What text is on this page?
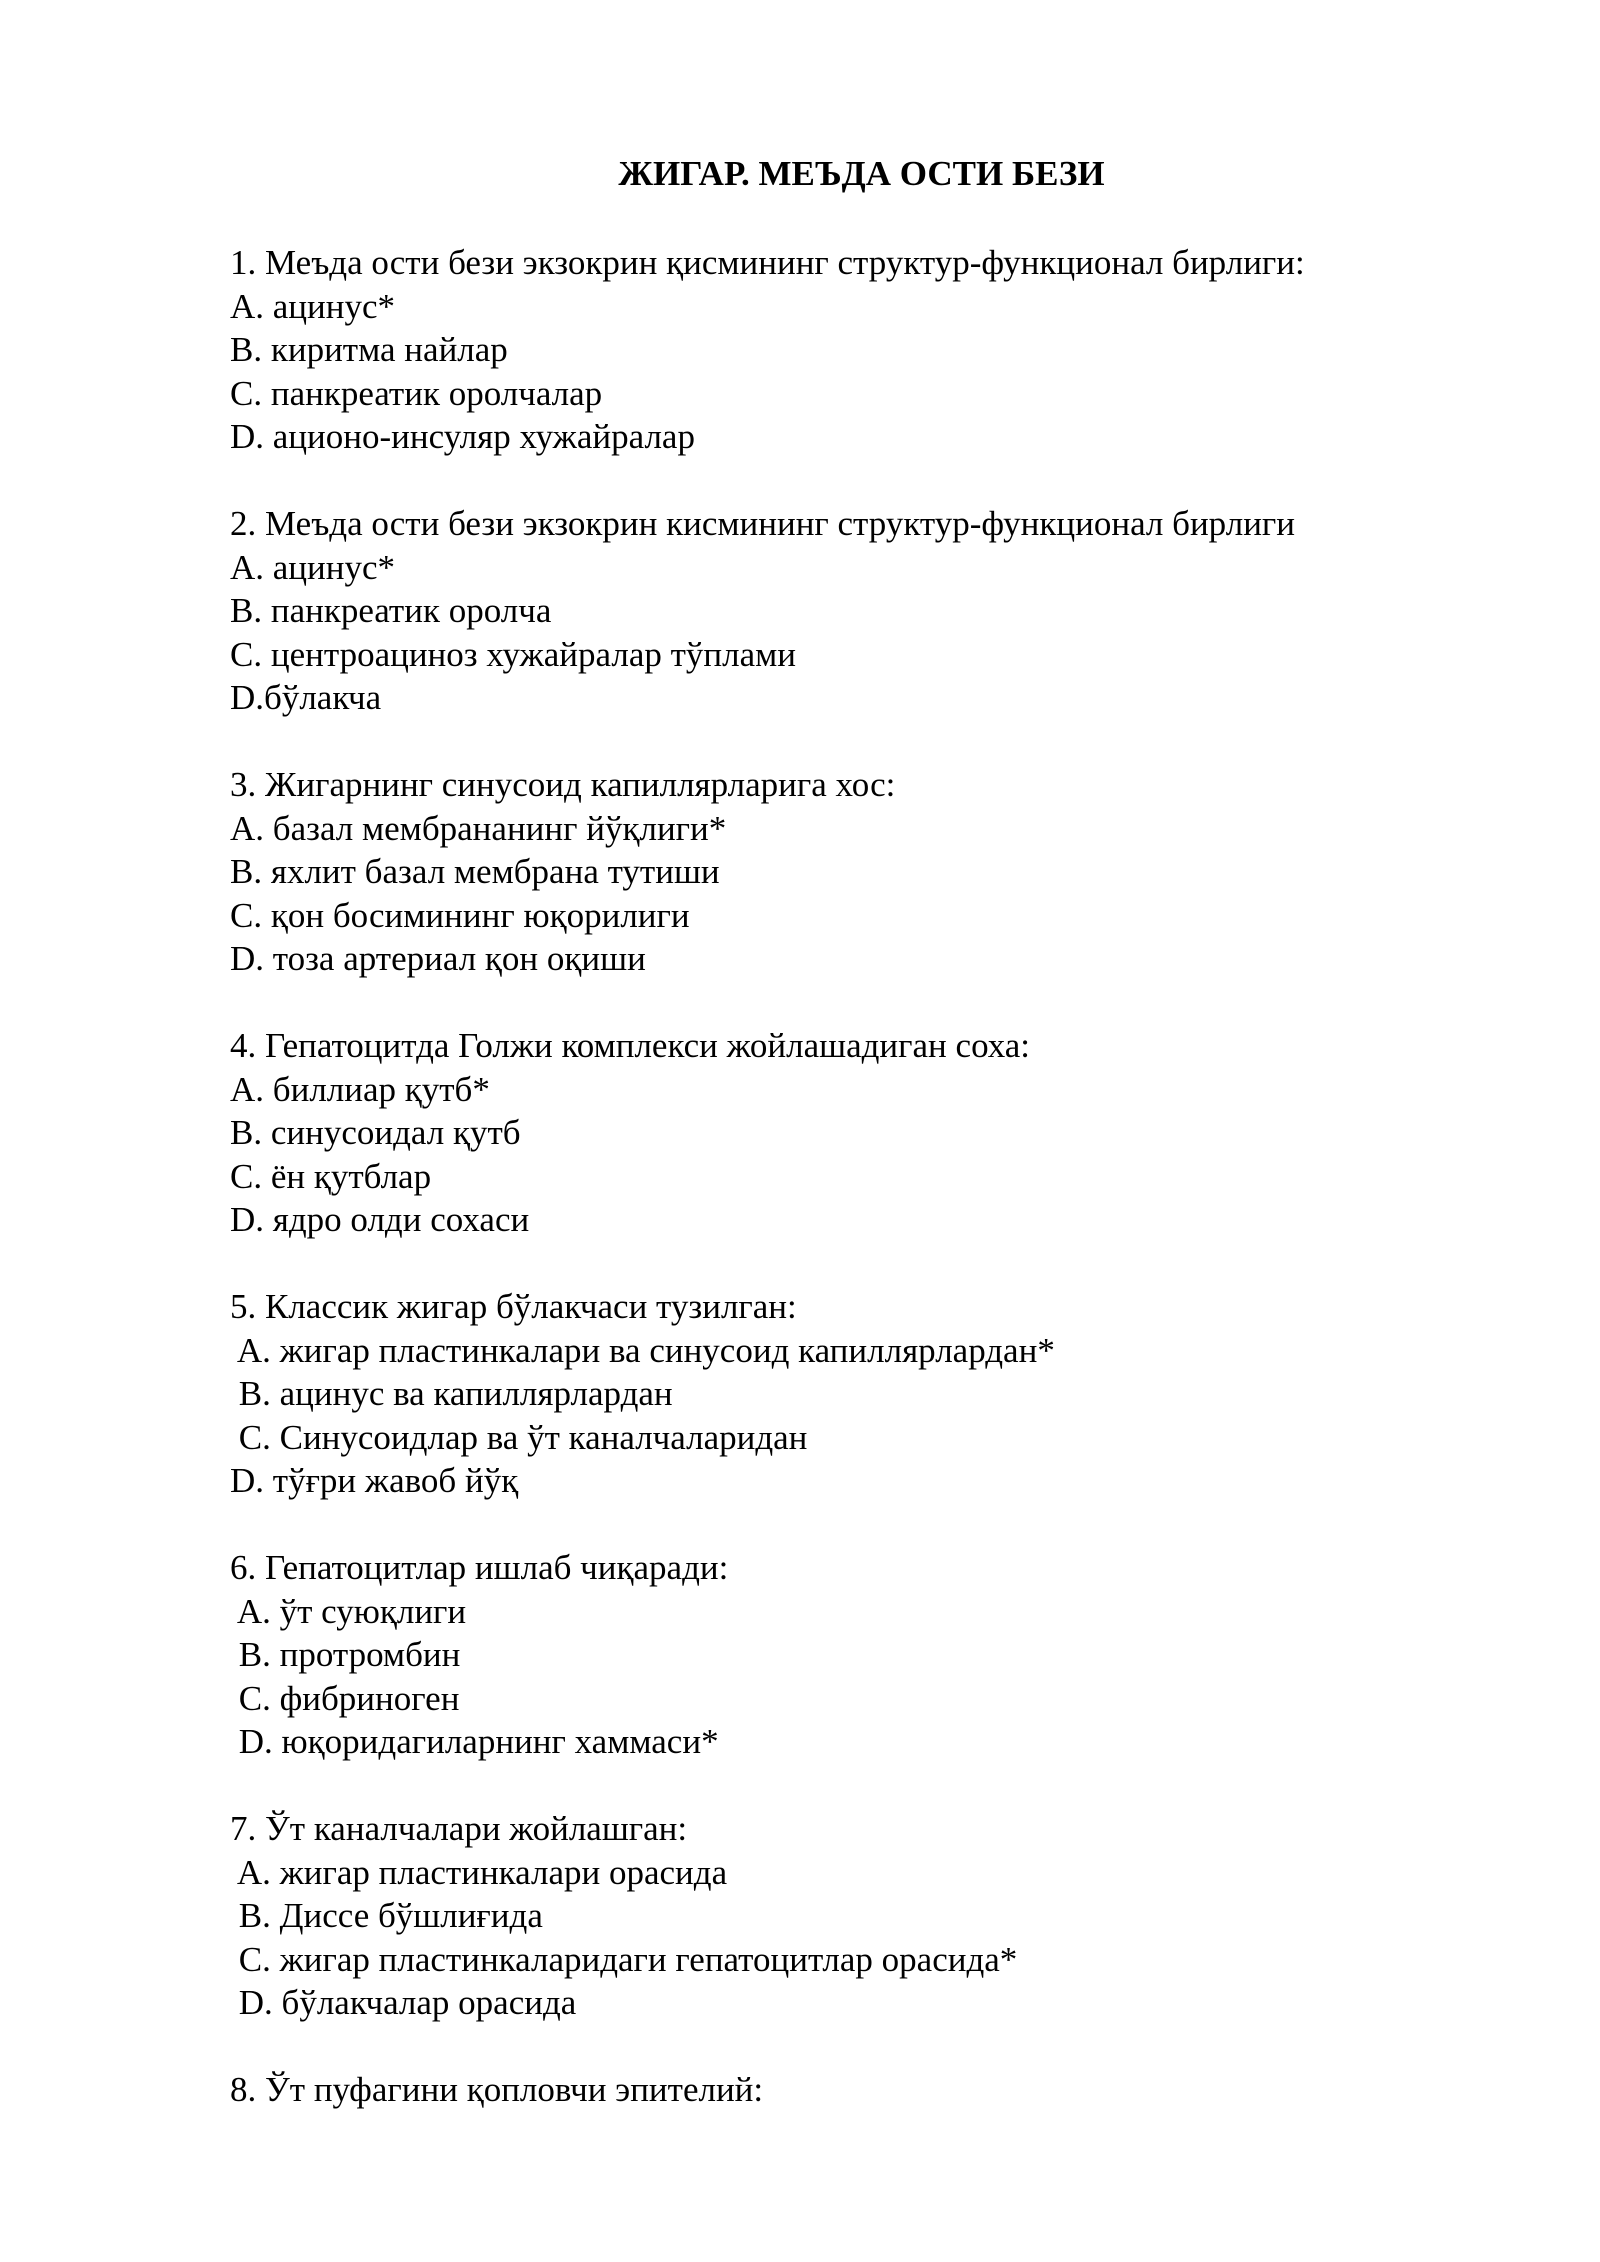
ЖИГАР. МЕЪДА ОСТИ БЕЗИ
1. Меъда ости бези экзокрин қисмининг структур-функционал бирлиги:
A. ацинус*
B. киритма найлар
C. панкреатик оролчалар
D. ационо-инсуляр хужайралар
2. Меъда ости бези экзокрин кисмининг структур-функционал бирлиги
A. ацинус*
B. панкреатик оролча
C. центроациноз хужайралар тўплами
D.бўлакча
3. Жигарнинг синусоид капиллярларига хос:
A. базал мембрананинг йўқлиги*
B. яхлит базал мембрана тутиши
C. қон босимининг юқорилиги
D. тоза артериал қон оқиши
4. Гепатоцитда Голжи комплекси жойлашадиган соха:
A. биллиар қутб*
B. синусоидал қутб
C. ён қутблар
D. ядро олди сохаси
5. Классик жигар бўлакчаси тузилган:
A. жигар пластинкалари ва синусоид капиллярлардан*
B. ацинус ва капиллярлардан
C. Синусоидлар ва ўт каналчаларидан
D. тўғри жавоб йўқ
6. Гепатоцитлар ишлаб чиқаради:
A. ўт суюқлиги
B. протромбин
C. фибриноген
D. юқоридагиларнинг хаммаси*
7. Ўт каналчалари жойлашган:
A. жигар пластинкалари орасида
B. Диссе бўшлиғида
C. жигар пластинкаларидаги гепатоцитлар орасида*
D. бўлакчалар орасида
8. Ўт пуфагини қопловчи эпителий:
